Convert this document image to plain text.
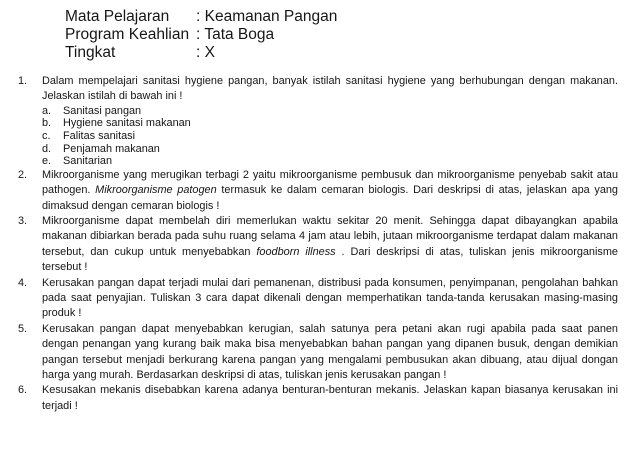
Mata Pelajaran	: Keamanan Pangan
Program Keahlian : Tata Boga
Tingkat	: X
1.	Dalam mempelajari sanitasi hygiene pangan, banyak istilah sanitasi hygiene yang berhubungan dengan makanan. Jelaskan istilah di bawah ini !
a.	Sanitasi pangan
b.	Hygiene sanitasi makanan
c.	Falitas sanitasi
d.	Penjamah makanan
e.	Sanitarian
2.	Mikroorganisme yang merugikan terbagi 2 yaitu mikroorganisme pembusuk dan mikroorganisme penyebab sakit atau pathogen. Mikroorganisme patogen termasuk ke dalam cemaran biologis. Dari deskripsi di atas, jelaskan apa yang dimaksud dengan cemaran biologis !
3.	Mikroorganisme dapat membelah diri memerlukan waktu sekitar 20 menit. Sehingga dapat dibayangkan apabila makanan dibiarkan berada pada suhu ruang selama 4 jam atau lebih, jutaan mikroorganisme terdapat dalam makanan tersebut, dan cukup untuk menyebabkan foodborn illness . Dari deskripsi di atas, tuliskan jenis mikroorganisme tersebut !
4.	Kerusakan pangan dapat terjadi mulai dari pemanenan, distribusi pada konsumen, penyimpanan, pengolahan bahkan pada saat penyajian. Tuliskan 3 cara dapat dikenali dengan memperhatikan tanda-tanda kerusakan masing-masing produk !
5.	Kerusakan pangan dapat menyebabkan kerugian, salah satunya pera petani akan rugi apabila pada saat panen dengan penangan yang kurang baik maka bisa menyebabkan bahan pangan yang dipanen busuk, dengan demikian pangan tersebut menjadi berkurang karena pangan yang mengalami pembusukan akan dibuang, atau dijual dongan harga yang murah. Berdasarkan deskripsi di atas, tuliskan jenis kerusakan pangan !
6.	Kesusakan mekanis disebabkan karena adanya benturan-benturan mekanis. Jelaskan kapan biasanya kerusakan ini terjadi !
